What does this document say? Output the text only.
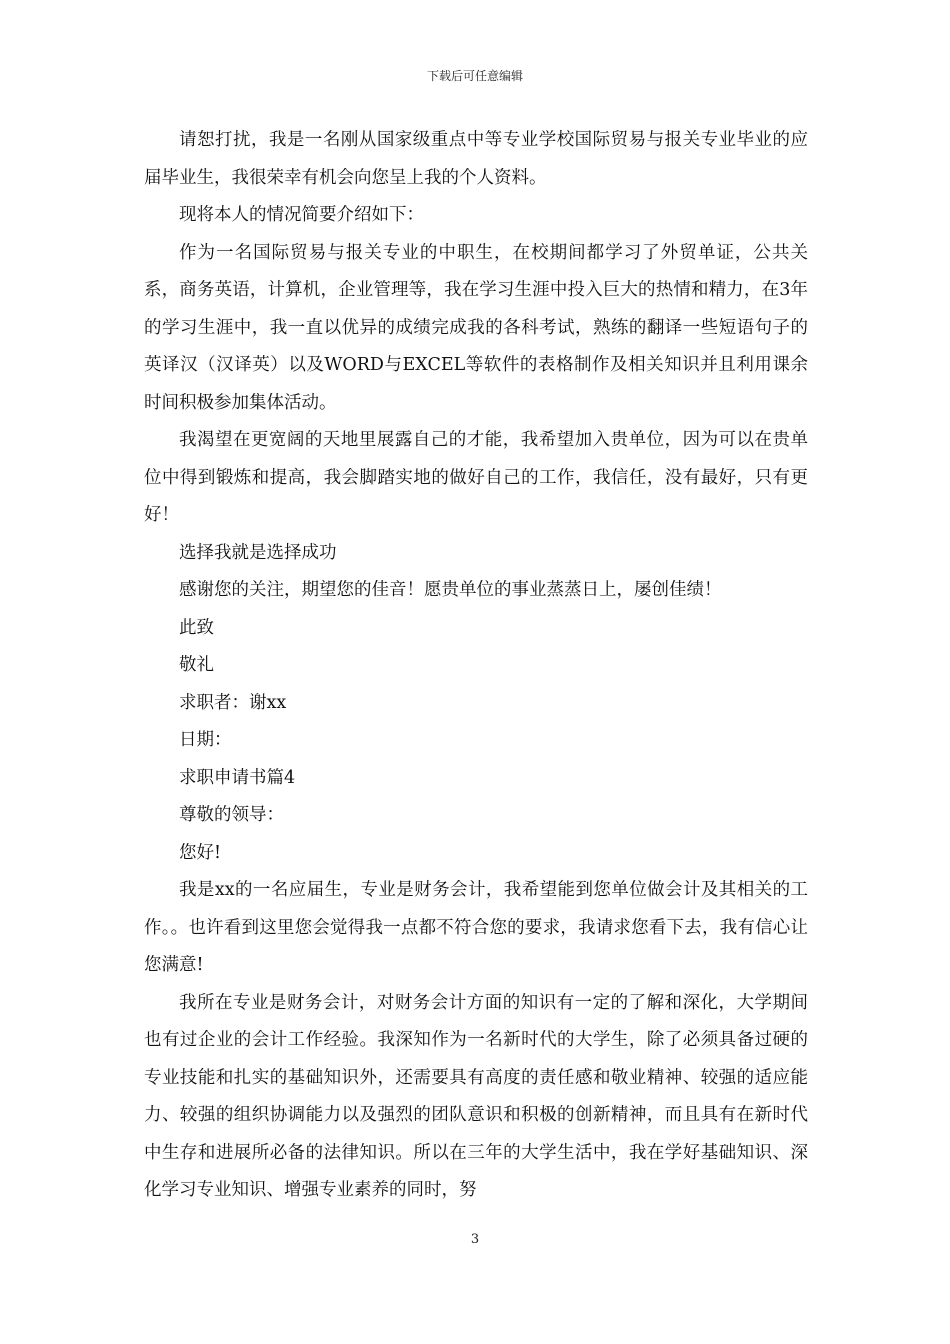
下载后可任意编辑

请恕打扰，我是一名刚从国家级重点中等专业学校国际贸易与报关专业毕业的应届毕业生，我很荣幸有机会向您呈上我的个人资料。

现将本人的情况简要介绍如下：

作为一名国际贸易与报关专业的中职生，在校期间都学习了外贸单证，公共关系，商务英语，计算机，企业管理等，我在学习生涯中投入巨大的热情和精力，在3年的学习生涯中，我一直以优异的成绩完成我的各科考试，熟练的翻译一些短语句子的英译汉（汉译英）以及WORD与EXCEL等软件的表格制作及相关知识并且利用课余时间积极参加集体活动。

我渴望在更宽阔的天地里展露自己的才能，我希望加入贵单位，因为可以在贵单位中得到锻炼和提高，我会脚踏实地的做好自己的工作，我信任，没有最好，只有更好！

选择我就是选择成功

感谢您的关注，期望您的佳音！愿贵单位的事业蒸蒸日上，屡创佳绩！

此致

敬礼

求职者：谢xx

日期：

求职申请书篇4

尊敬的领导：

您好!

我是xx的一名应届生，专业是财务会计，我希望能到您单位做会计及其相关的工作。。也许看到这里您会觉得我一点都不符合您的要求，我请求您看下去，我有信心让您满意!

我所在专业是财务会计，对财务会计方面的知识有一定的了解和深化，大学期间也有过企业的会计工作经验。我深知作为一名新时代的大学生，除了必须具备过硬的专业技能和扎实的基础知识外，还需要具有高度的责任感和敬业精神、较强的适应能力、较强的组织协调能力以及强烈的团队意识和积极的创新精神，而且具有在新时代中生存和进展所必备的法律知识。所以在三年的大学生活中，我在学好基础知识、深化学习专业知识、增强专业素养的同时，努

3
